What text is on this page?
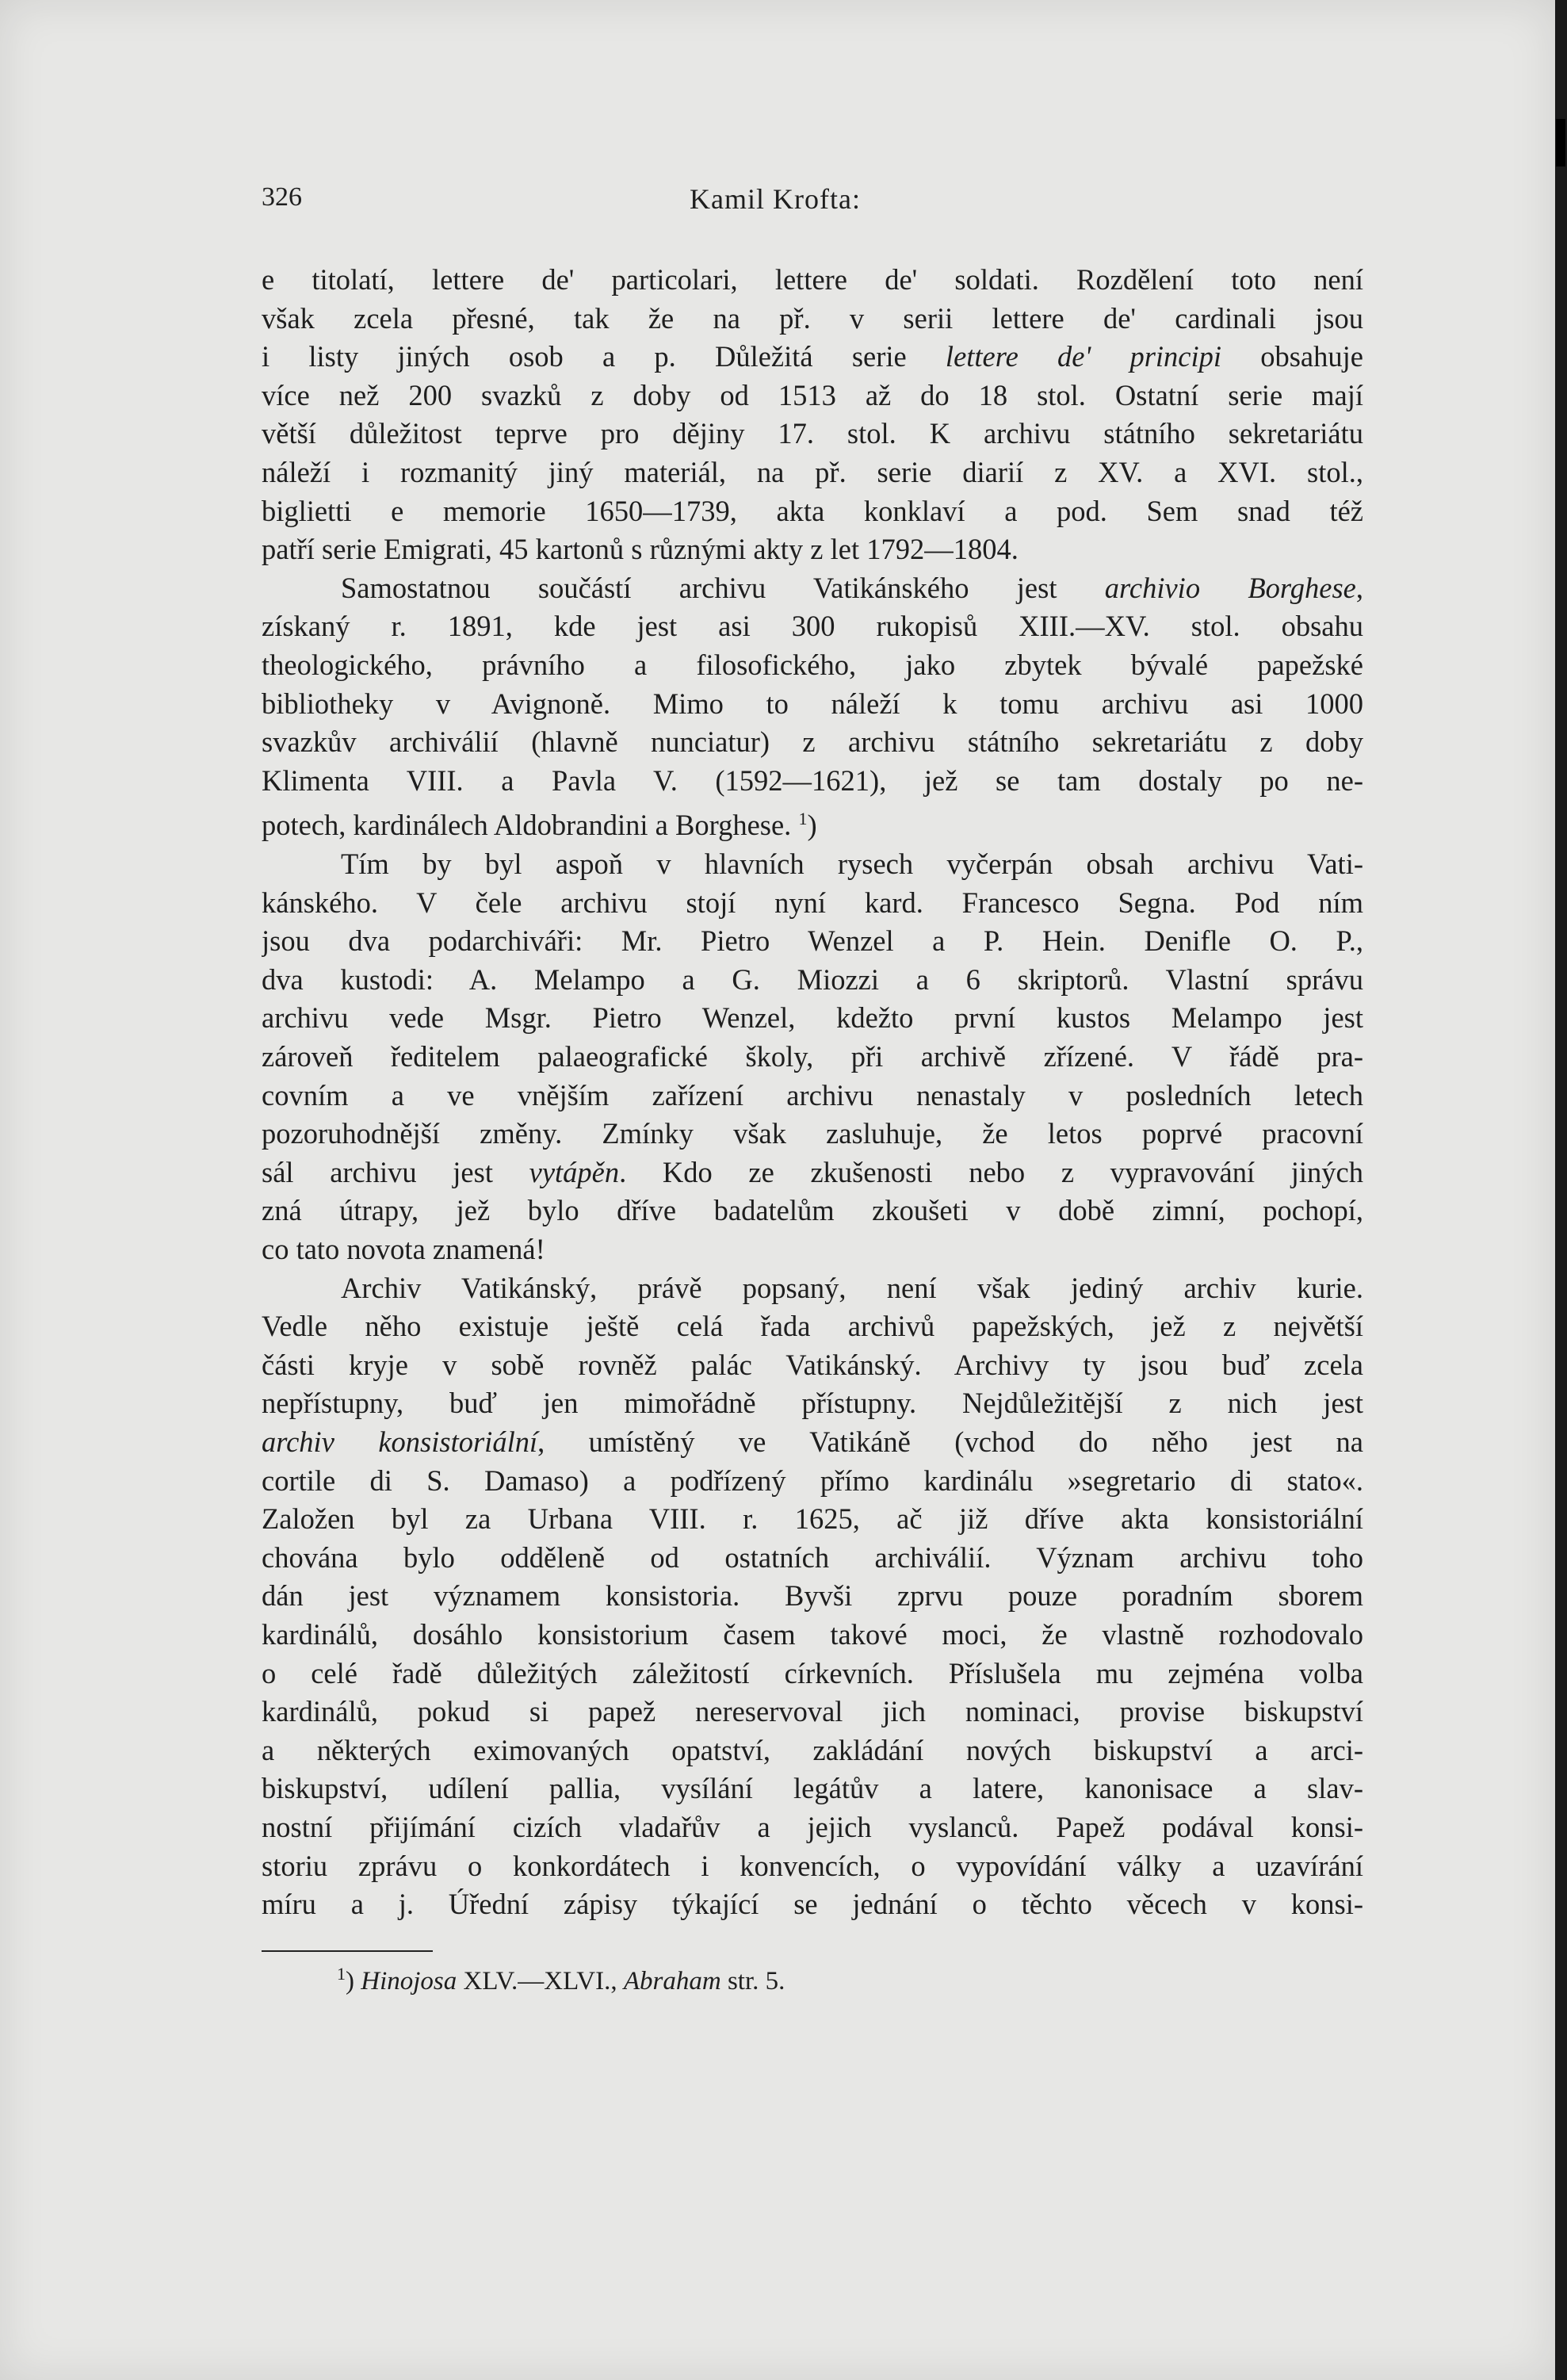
326	Kamil Krofta:
e titolatí, lettere de' particolari, lettere de' soldati. Rozdělení toto není
však zcela přesné, tak že na př. v serii lettere de' cardinali jsou
i listy jiných osob a p. Důležitá serie lettere de' principi obsahuje
více než 200 svazků z doby od 1513 až do 18 stol. Ostatní serie mají
větší důležitost teprve pro dějiny 17. stol. K archivu státního sekretariátu
náleží i rozmanitý jiný materiál, na př. serie diarií z XV. a XVI. stol.,
biglietti e memorie 1650—1739, akta konklaví a pod. Sem snad též
patří serie Emigrati, 45 kartonů s různými akty z let 1792—1804.
Samostatnou součástí archivu Vatikánského jest archivio Borghese,
získaný r. 1891, kde jest asi 300 rukopisů XIII.—XV. stol. obsahu
theologického, právního a filosofického, jako zbytek bývalé papežské
bibliotheky v Avignoně. Mimo to náleží k tomu archivu asi 1000
svazkův archiválií (hlavně nunciatur) z archivu státního sekretariátu z doby
Klimenta VIII. a Pavla V. (1592—1621), jež se tam dostaly po ne-
potech, kardinálech Aldobrandini a Borghese. $^1$)
Tím by byl aspoň v hlavních rysech vyčerpán obsah archivu Vati-
kánského. V čele archivu stojí nyní kard. Francesco Segna. Pod ním
jsou dva podarchiváři: Mr. Pietro Wenzel a P. Hein. Denifle O. P.,
dva kustodi: A. Melampo a G. Miozzi a 6 skriptorů. Vlastní správu
archivu vede Msgr. Pietro Wenzel, kdežto první kustos Melampo jest
zároveň ředitelem palaeografické školy, při archivě zřízené. V řádě pra-
covním a ve vnějším zařízení archivu nenastaly v posledních letech
pozoruhodnější změny. Zmínky však zasluhuje, že letos poprvé pracovní
sál archivu jest vytápěn. Kdo ze zkušenosti nebo z vypravování jiných
zná útrapy, jež bylo dříve badatelům zkoušeti v době zimní, pochopí,
co tato novota znamená!
Archiv Vatikánský, právě popsaný, není však jediný archiv kurie.
Vedle něho existuje ještě celá řada archivů papežských, jež z největší
části kryje v sobě rovněž palác Vatikánský. Archivy ty jsou buď zcela
nepřístupny, buď jen mimořádně přístupny. Nejdůležitější z nich jest
archiv konsistoriální, umístěný ve Vatikáně (vchod do něho jest na
cortile di S. Damaso) a podřízený přímo kardinálu »segretario di stato«.
Založen byl za Urbana VIII. r. 1625, ač již dříve akta konsistoriální
chována bylo odděleně od ostatních archiválií. Význam archivu toho
dán jest významem konsistoria. Byvši zprvu pouze poradním sborem
kardinálů, dosáhlo konsistorium časem takové moci, že vlastně rozhodovalo
o celé řadě důležitých záležitostí církevních. Příslušela mu zejména volba
kardinálů, pokud si papež nereservoval jich nominaci, provise biskupství
a některých eximovaných opatství, zakládání nových biskupství a arci-
biskupství, udílení pallia, vysílání legátův a latere, kanonisace a slav-
nostní přijímání cizích vladařův a jejich vyslanců. Papež podával konsi-
storiu zprávu o konkordátech i konvencích, o vypovídání války a uzavírání
míru a j. Úřední zápisy týkající se jednání o těchto věcech v konsi-
$^1$) Hinojosa XLV.—XLVI., Abraham str. 5.
